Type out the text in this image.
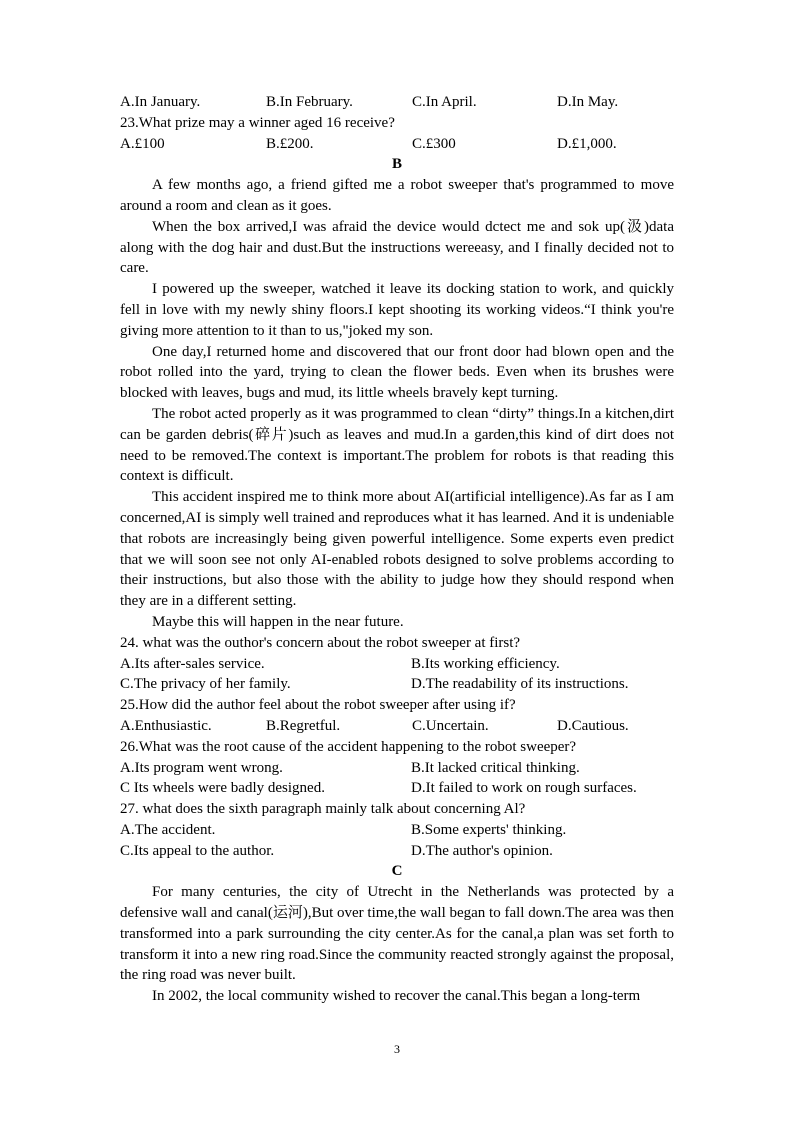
A.In January.	B.In February.	C.In April.	D.In May.
23.What prize may a winner aged 16 receive?
A.£100	B.£200.	C.£300	D.£1,000.
B

A few months ago, a friend gifted me a robot sweeper that's programmed to move around a room and clean as it goes.

When the box arrived,I was afraid the device would dctect me and sok up(汲)data along with the dog hair and dust.But the instructions wereeasy, and I finally decided not to care.

I powered up the sweeper, watched it leave its docking station to work, and quickly fell in love with my newly shiny floors.I kept shooting its working videos.“I think you're giving more attention to it than to us,"joked my son.

One day,I returned home and discovered that our front door had blown open and the robot rolled into the yard, trying to clean the flower beds. Even when its brushes were blocked with leaves, bugs and mud, its little wheels bravely kept turning.

The robot acted properly as it was programmed to clean “dirty” things.In a kitchen,dirt can be garden debris(碎片)such as leaves and mud.In a garden,this kind of dirt does not need to be removed.The context is important.The problem for robots is that reading this context is difficult.

This accident inspired me to think more about AI(artificial intelligence).As far as I am concerned,AI is simply well trained and reproduces what it has learned. And it is undeniable that robots are increasingly being given powerful intelligence. Some experts even predict that we will soon see not only AI-enabled robots designed to solve problems according to their instructions, but also those with the ability to judge how they should respond when they are in a different setting.

Maybe this will happen in the near future.

24. what was the outhor's concern about the robot sweeper at first?
A.Its after-sales service.	B.Its working efficiency.
C.The privacy of her family.	D.The readability of its instructions.
25.How did the author feel about the robot sweeper after using if?
A.Enthusiastic.	B.Regretful.	C.Uncertain.	D.Cautious.
26.What was the root cause of the accident happening to the robot sweeper?
A.Its program went wrong.	B.It lacked critical thinking.
C Its wheels were badly designed.	D.It failed to work on rough surfaces.
27. what does the sixth paragraph mainly talk about concerning Al?
A.The accident.	B.Some experts' thinking.
C.Its appeal to the author.	D.The author's opinion.
C

For many centuries, the city of Utrecht in the Netherlands was protected by a defensive wall and canal(运河),But over time,the wall began to fall down.The area was then transformed into a park surrounding the city center.As for the canal,a plan was set forth to transform it into a new ring road.Since the community reacted strongly against the proposal, the ring road was never built.

In 2002, the local community wished to recover the canal.This began a long-term

3
